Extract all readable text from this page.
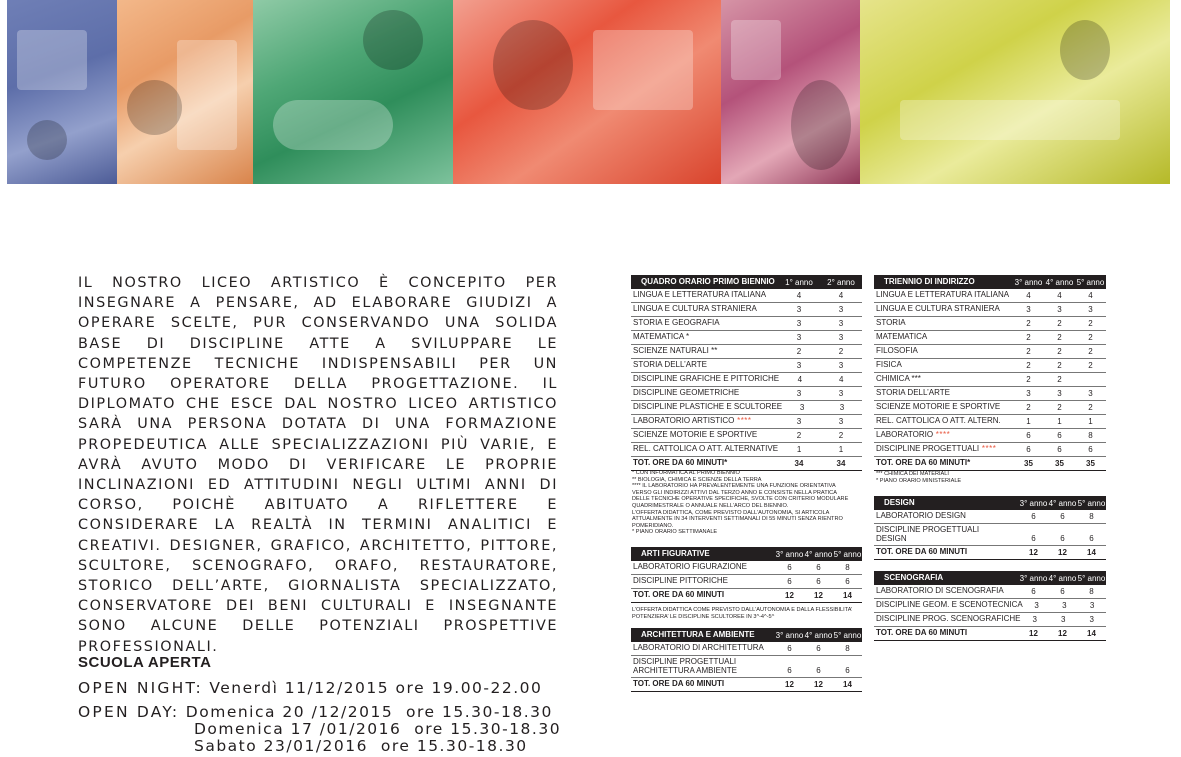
IL NOSTRO LICEO ARTISTICO È CONCEPITO PER INSEGNARE A PENSARE, AD ELABORARE GIUDIZI A OPERARE SCELTE, PUR CONSERVANDO UNA SOLIDA BASE DI DISCIPLINE ATTE A SVILUPPARE LE COMPETENZE TECNICHE INDISPENSABILI PER UN FUTURO OPERATORE DELLA PROGETTAZIONE. IL DIPLOMATO CHE ESCE DAL NOSTRO LICEO ARTISTICO SARÀ UNA PERSONA DOTATA DI UNA FORMAZIONE PROPEDEUTICA ALLE SPECIALIZZAZIONI PIÙ VARIE, E AVRÀ AVUTO MODO DI VERIFICARE LE PROPRIE INCLINAZIONI ED ATTITUDINI NEGLI ULTIMI ANNI DI CORSO, POICHÈ ABITUATO A RIFLETTERE E CONSIDERARE LA REALTÀ IN TERMINI ANALITICI E CREATIVI. DESIGNER, GRAFICO, ARCHITETTO, PITTORE, SCULTORE, SCENOGRAFO, ORAFO, RESTAURATORE, STORICO DELL’ARTE, GIORNALISTA SPECIALIZZATO, CONSERVATORE DEI BENI CULTURALI E INSEGNANTE SONO ALCUNE DELLE POTENZIALI PROSPETTIVE PROFESSIONALI.

SCUOLA APERTA
OPEN NIGHT: Venerdì 11/12/2015 ore 19.00-22.00
OPEN DAY: Domenica 20 /12/2015  ore 15.30-18.30
Domenica 17 /01/2016  ore 15.30-18.30
Sabato 23/01/2016  ore 15.30-18.30
QUADRO ORARIO PRIMO BIENNIO	1° anno	2° anno
LINGUA E LETTERATURA ITALIANA	4	4
LINGUA E CULTURA STRANIERA	3	3
STORIA E GEOGRAFIA	3	3
MATEMATICA *	3	3
SCIENZE NATURALI **	2	2
STORIA DELL’ARTE	3	3
DISCIPLINE GRAFICHE E PITTORICHE	4	4
DISCIPLINE GEOMETRICHE	3	3
DISCIPLINE PLASTICHE E SCULTOREE	3	3
LABORATORIO ARTISTICO ****	3	3
SCIENZE MOTORIE E SPORTIVE	2	2
REL. CATTOLICA O ATT. ALTERNATIVE	1	1
TOT. ORE DA 60 MINUTI*	34	34
* CON INFORMATICA AL PRIMO BIENNIO
** BIOLOGIA, CHIMICA E SCIENZE DELLA TERRA
**** IL LABORATORIO HA PREVALENTEMENTE UNA FUNZIONE ORIENTATIVA
VERSO GLI INDIRIZZI ATTIVI DAL TERZO ANNO E CONSISTE NELLA PRATICA
DELLE TECNICHE OPERATIVE SPECIFICHE, SVOLTE CON CRITERIO MODULARE
QUADRIMESTRALE O ANNUALE NELL’ARCO DEL BIENNIO.
L’OFFERTA DIDATTICA, COME PREVISTO DALL’AUTONOMIA, SI ARTICOLA
ATTUALMENTE IN 34 INTERVENTI SETTIMANALI DI 55 MINUTI SENZA RIENTRO
POMERIDIANO.
* PIANO ORARIO SETTIMANALE
TRIENNIO DI INDIRIZZO	3° anno 4° anno 5° anno
LINGUA E LETTERATURA ITALIANA	4	4	4
LINGUA E CULTURA STRANIERA	3	3	3
STORIA	2	2	2
MATEMATICA	2	2	2
FILOSOFIA	2	2	2
FISICA	2	2	2
CHIMICA ***	2	2
STORIA DELL’ARTE	3	3	3
SCIENZE MOTORIE E SPORTIVE	2	2	2
REL. CATTOLICA O ATT. ALTERN.	1	1	1
LABORATORIO ****	6	6	8
DISCIPLINE PROGETTUALI ****	6	6	6
TOT. ORE DA 60 MINUTI*	35	35	35
*** CHIMICA DEI MATERIALI
* PIANO ORARIO MINISTERIALE
ARTI FIGURATIVE	3° anno 4° anno 5° anno
LABORATORIO FIGURAZIONE	6	6	8
DISCIPLINE PITTORICHE	6	6	6
TOT. ORE DA 60 MINUTI	12	12	14
L’OFFERTA DIDATTICA COME PREVISTO DALL’AUTONOMIA E DALLA FLESSIBILITA’
POTENZIERA’ LE DISCIPLINE SCULTOREE IN 3^-4^-5^
ARCHITETTURA E AMBIENTE	3° anno 4° anno 5° anno
LABORATORIO DI ARCHITETTURA	6	6	8
DISCIPLINE PROGETTUALI
ARCHITETTURA AMBIENTE	6	6	6
TOT. ORE DA 60 MINUTI	12	12	14
DESIGN	3° anno 4° anno 5° anno
LABORATORIO DESIGN	6	6	8
DISCIPLINE PROGETTUALI
DESIGN	6	6	6
TOT. ORE DA 60 MINUTI	12	12	14
SCENOGRAFIA	3° anno 4° anno 5° anno
LABORATORIO DI SCENOGRAFIA	6	6	8
DISCIPLINE GEOM. E SCENOTECNICA	3	3	3
DISCIPLINE PROG. SCENOGRAFICHE	3	3	3
TOT. ORE DA 60 MINUTI	12	12	14
